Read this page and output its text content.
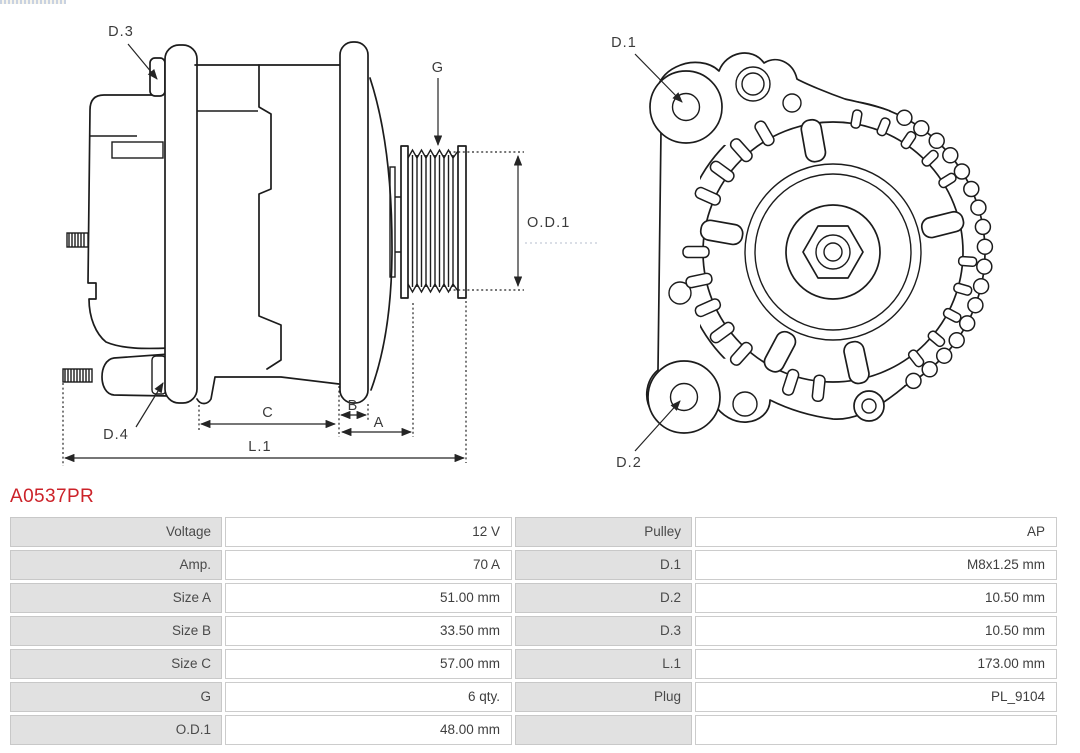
D.3
D.4
G
O.D.1
C	B
A
L.1
D.1
D.2
A0537PR
Voltage	12 V	Pulley	AP
Amp.	70 A	D.1	M8x1.25 mm
Size A	51.00 mm	D.2	10.50 mm
Size B	33.50 mm	D.3	10.50 mm
Size C	57.00 mm	L.1	173.00 mm
G	6 qty.	Plug	PL_9104
O.D.1	48.00 mm
